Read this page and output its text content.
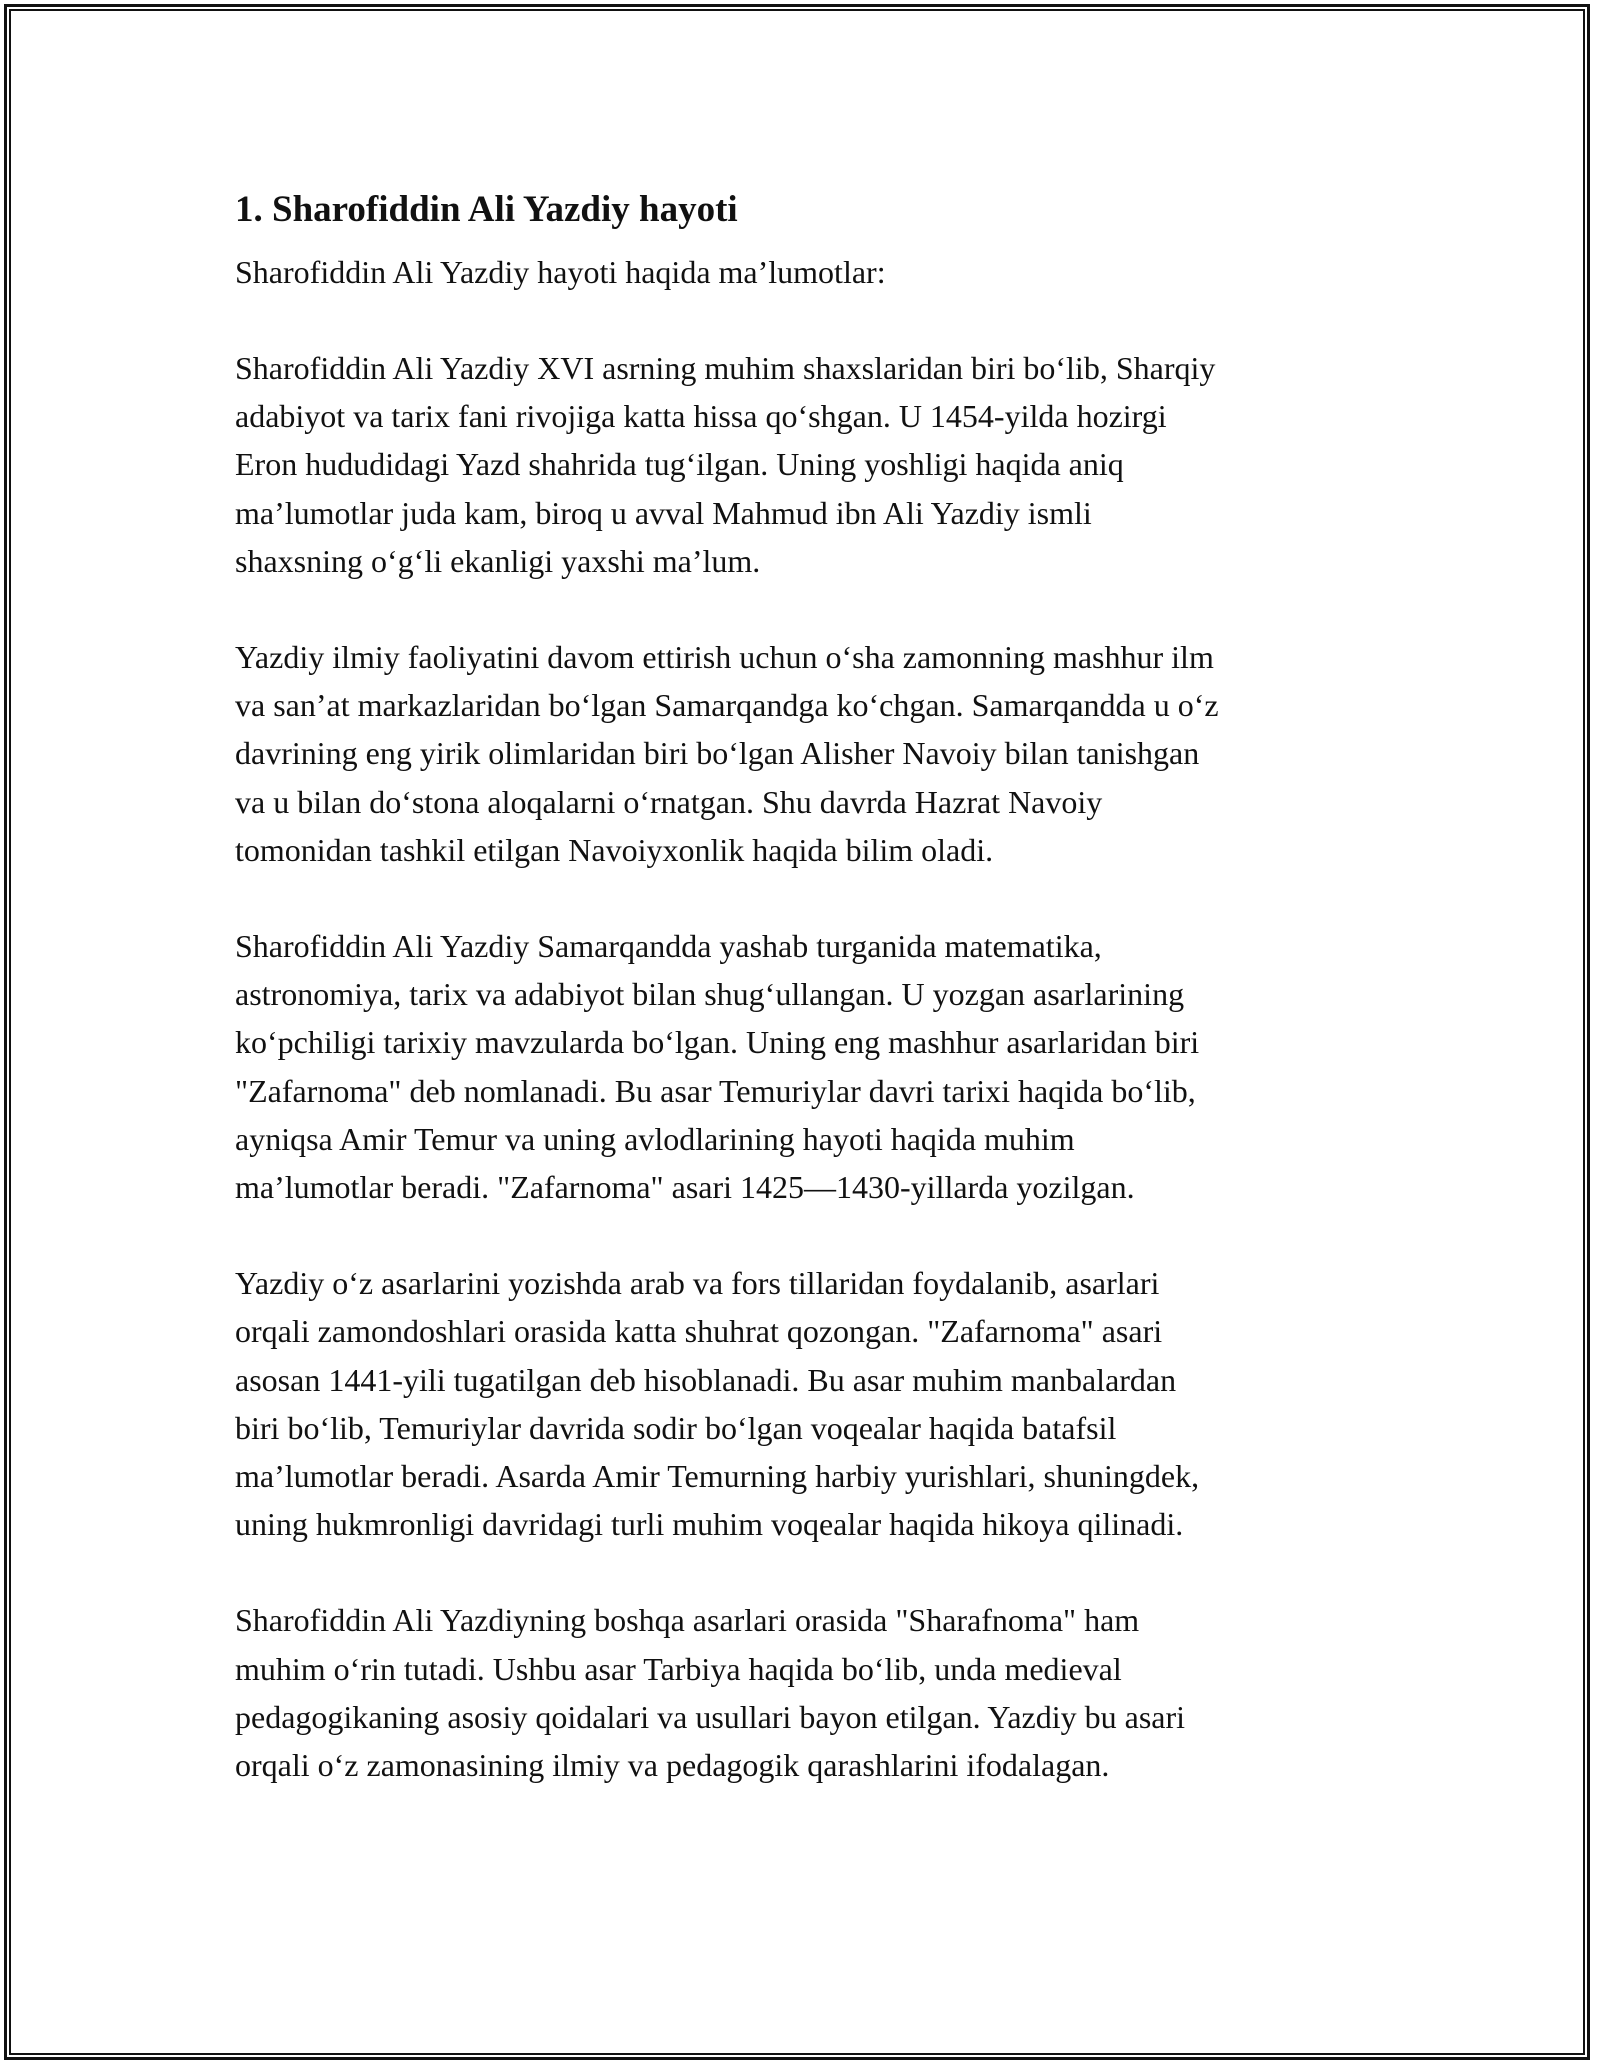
1. Sharofiddin Ali Yazdiy hayoti

Sharofiddin Ali Yazdiy hayoti haqida ma’lumotlar:

Sharofiddin Ali Yazdiy XVI asrning muhim shaxslaridan biri bo‘lib, Sharqiy
adabiyot va tarix fani rivojiga katta hissa qo‘shgan. U 1454-yilda hozirgi
Eron hududidagi Yazd shahrida tug‘ilgan. Uning yoshligi haqida aniq
ma’lumotlar juda kam, biroq u avval Mahmud ibn Ali Yazdiy ismli
shaxsning o‘g‘li ekanligi yaxshi ma’lum.

Yazdiy ilmiy faoliyatini davom ettirish uchun o‘sha zamonning mashhur ilm
va san’at markazlaridan bo‘lgan Samarqandga ko‘chgan. Samarqandda u o‘z
davrining eng yirik olimlaridan biri bo‘lgan Alisher Navoiy bilan tanishgan
va u bilan do‘stona aloqalarni o‘rnatgan. Shu davrda Hazrat Navoiy
tomonidan tashkil etilgan Navoiyxonlik haqida bilim oladi.

Sharofiddin Ali Yazdiy Samarqandda yashab turganida matematika,
astronomiya, tarix va adabiyot bilan shug‘ullangan. U yozgan asarlarining
ko‘pchiligi tarixiy mavzularda bo‘lgan. Uning eng mashhur asarlaridan biri
"Zafarnoma" deb nomlanadi. Bu asar Temuriylar davri tarixi haqida bo‘lib,
ayniqsa Amir Temur va uning avlodlarining hayoti haqida muhim
ma’lumotlar beradi. "Zafarnoma" asari 1425—1430-yillarda yozilgan.

Yazdiy o‘z asarlarini yozishda arab va fors tillaridan foydalanib, asarlari
orqali zamondoshlari orasida katta shuhrat qozongan. "Zafarnoma" asari
asosan 1441-yili tugatilgan deb hisoblanadi. Bu asar muhim manbalardan
biri bo‘lib, Temuriylar davrida sodir bo‘lgan voqealar haqida batafsil
ma’lumotlar beradi. Asarda Amir Temurning harbiy yurishlari, shuningdek,
uning hukmronligi davridagi turli muhim voqealar haqida hikoya qilinadi.

Sharofiddin Ali Yazdiyning boshqa asarlari orasida "Sharafnoma" ham
muhim o‘rin tutadi. Ushbu asar Tarbiya haqida bo‘lib, unda medieval
pedagogikaning asosiy qoidalari va usullari bayon etilgan. Yazdiy bu asari
orqali o‘z zamonasining ilmiy va pedagogik qarashlarini ifodalagan.
